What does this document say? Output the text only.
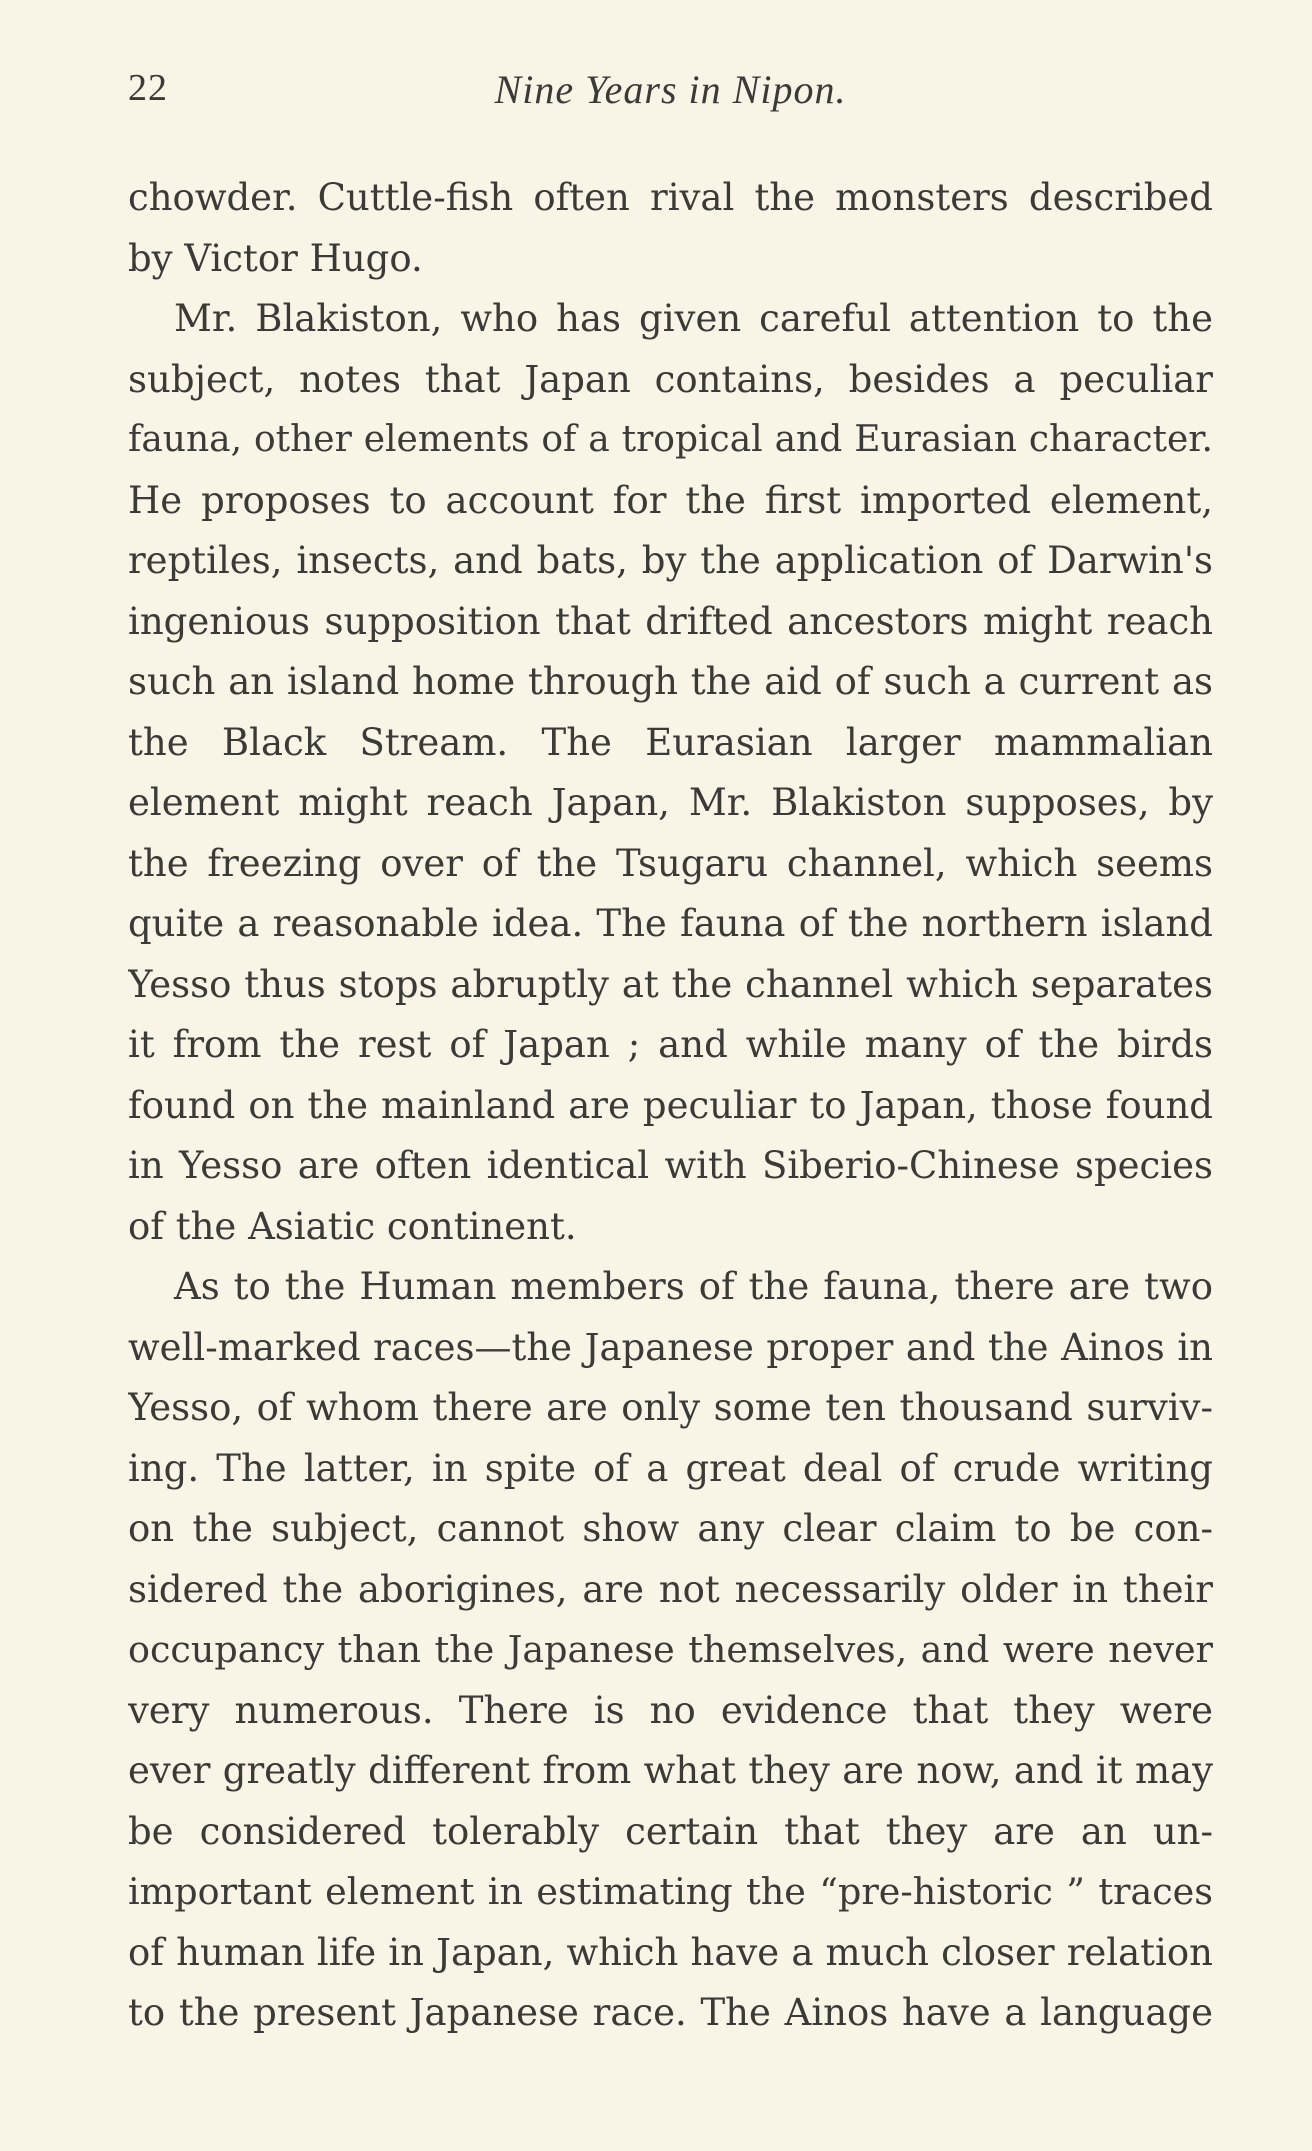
22	Nine Years in Nipon.
chowder. Cuttle-fish often rival the monsters described
by Victor Hugo.
Mr. Blakiston, who has given careful attention to the
subject, notes that Japan contains, besides a peculiar
fauna, other elements of a tropical and Eurasian character.
He proposes to account for the first imported element,
reptiles, insects, and bats, by the application of Darwin's
ingenious supposition that drifted ancestors might reach
such an island home through the aid of such a current as
the Black Stream. The Eurasian larger mammalian
element might reach Japan, Mr. Blakiston supposes, by
the freezing over of the Tsugaru channel, which seems
quite a reasonable idea. The fauna of the northern island
Yesso thus stops abruptly at the channel which separates
it from the rest of Japan ; and while many of the birds
found on the mainland are peculiar to Japan, those found
in Yesso are often identical with Siberio-Chinese species
of the Asiatic continent.
As to the Human members of the fauna, there are two
well-marked races—the Japanese proper and the Ainos in
Yesso, of whom there are only some ten thousand surviv-
ing. The latter, in spite of a great deal of crude writing
on the subject, cannot show any clear claim to be con-
sidered the aborigines, are not necessarily older in their
occupancy than the Japanese themselves, and were never
very numerous. There is no evidence that they were
ever greatly different from what they are now, and it may
be considered tolerably certain that they are an un-
important element in estimating the “pre-historic ” traces
of human life in Japan, which have a much closer relation
to the present Japanese race. The Ainos have a language
